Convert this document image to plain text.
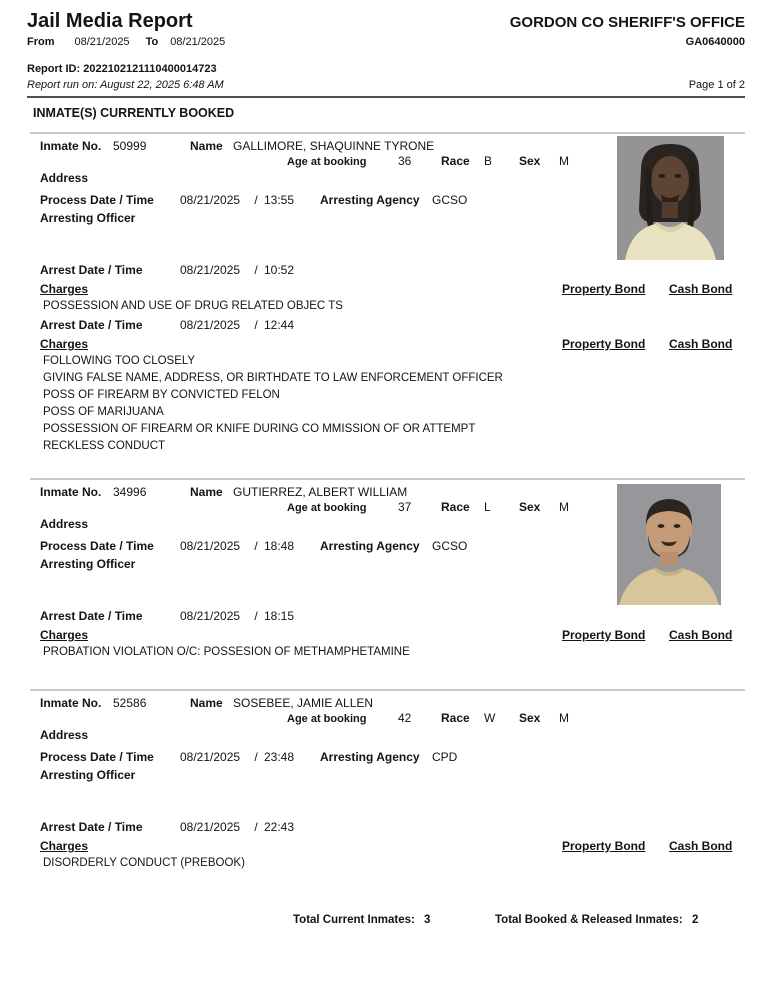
Jail Media Report	GORDON CO SHERIFF'S OFFICE
From 08/21/2025 To 08/21/2025	GA0640000
Report ID: 2022102121110400014723
Report run on: August 22, 2025 6:48 AM	Page 1 of 2
INMATE(S) CURRENTLY BOOKED
Inmate No. 50999	Name GALLIMORE, SHAQUINNE TYRONE
Age at booking	36	Race	B	Sex	M
Address
Process Date / Time	08/21/2025	/ 13:55	Arresting Agency	GCSO
Arresting Officer
Arrest Date / Time	08/21/2025	/ 10:52
Charges	Property Bond Cash Bond
POSSESSION AND USE OF DRUG RELATED OBJEC TS
Arrest Date / Time	08/21/2025	/ 12:44
Charges	Property Bond Cash Bond
FOLLOWING TOO CLOSELY
GIVING FALSE NAME, ADDRESS, OR BIRTHDATE TO LAW ENFORCEMENT OFFICER
POSS OF FIREARM BY CONVICTED FELON
POSS OF MARIJUANA
POSSESSION OF FIREARM OR KNIFE DURING CO MMISSION OF OR ATTEMPT
RECKLESS CONDUCT
Inmate No. 34996	Name GUTIERREZ, ALBERT WILLIAM
Age at booking	37	Race	L	Sex	M
Address
Process Date / Time	08/21/2025	/ 18:48	Arresting Agency	GCSO
Arresting Officer
Arrest Date / Time	08/21/2025	/ 18:15
Charges	Property Bond Cash Bond
PROBATION VIOLATION O/C: POSSESION OF METHAMPHETAMINE
Inmate No. 52586	Name SOSEBEE, JAMIE ALLEN
Age at booking	42	Race	W	Sex	M
Address
Process Date / Time	08/21/2025	/ 23:48	Arresting Agency	CPD
Arresting Officer
Arrest Date / Time	08/21/2025	/ 22:43
Charges	Property Bond Cash Bond
DISORDERLY CONDUCT (PREBOOK)
Total Current Inmates: 3	Total Booked & Released Inmates: 2
